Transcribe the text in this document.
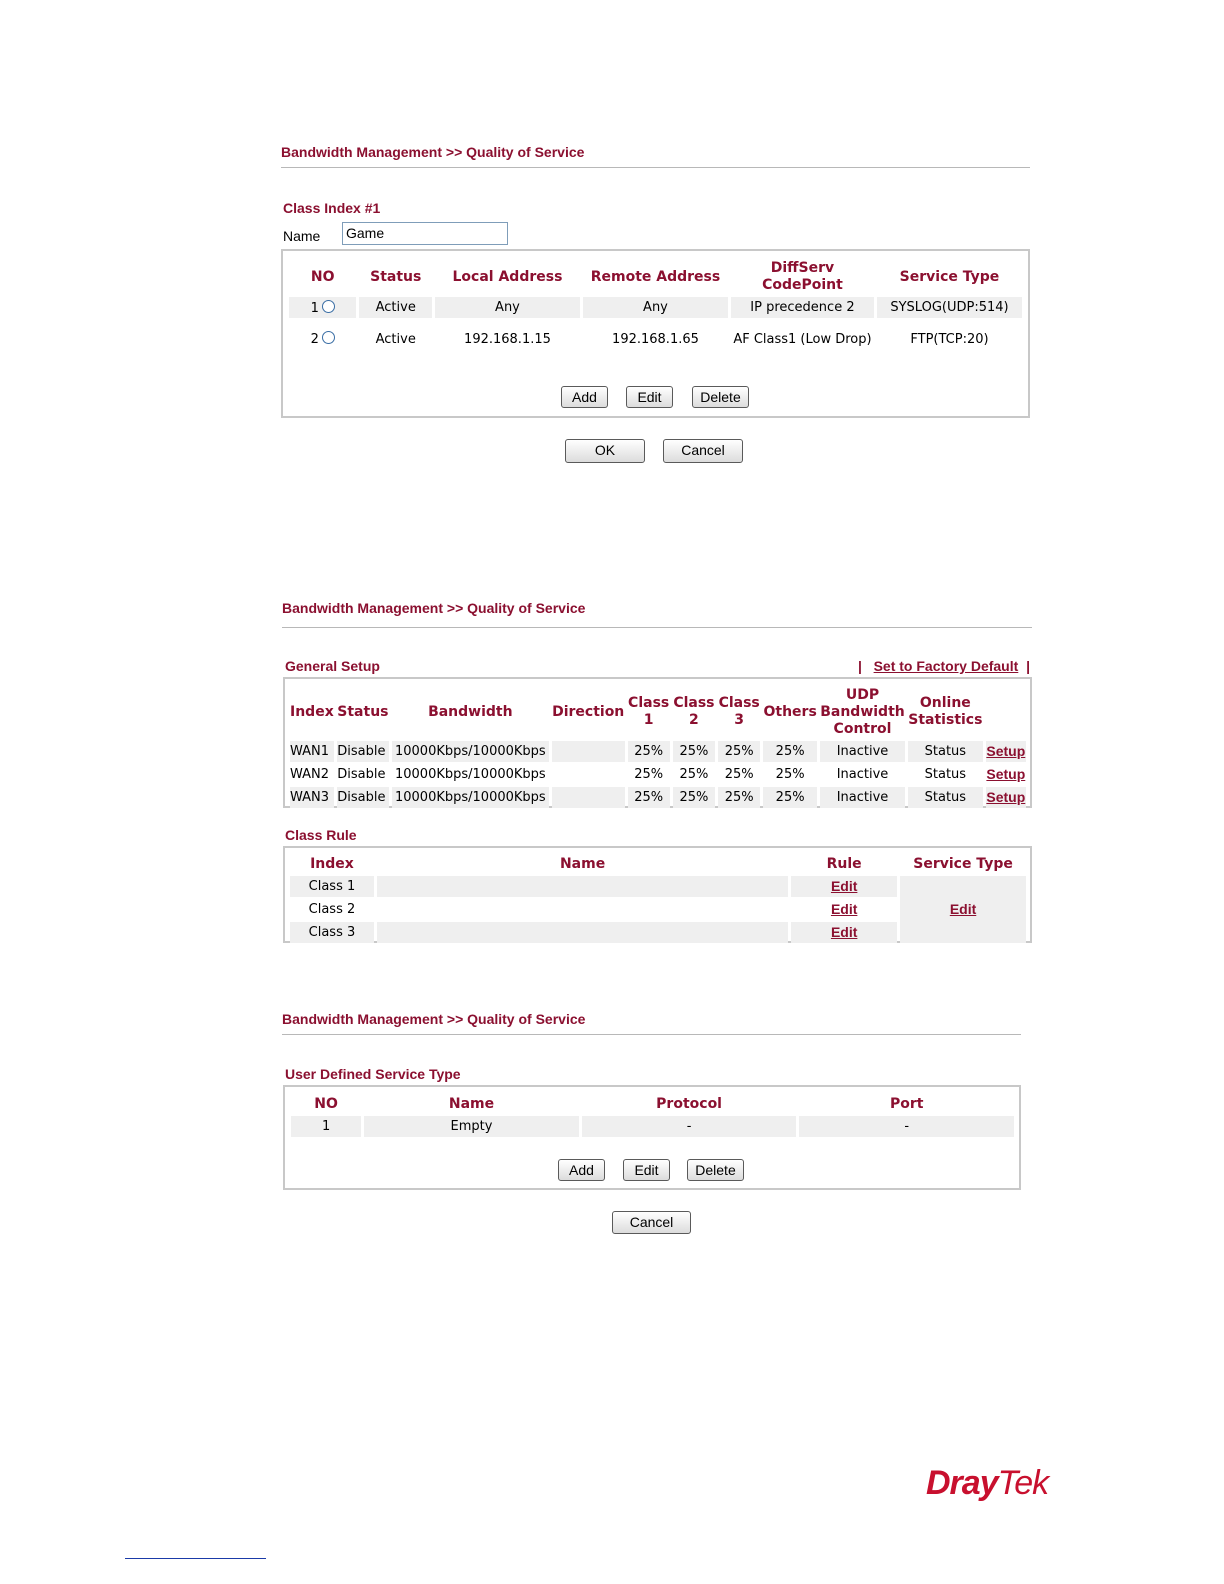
Bandwidth Management >> Quality of Service
Class Index #1
Name Game
NO	Status	Local Address	Remote Address	DiffServ CodePoint	Service Type
1	Active	Any	Any	IP precedence 2	SYSLOG(UDP:514)
2	Active	192.168.1.15	192.168.1.65	AF Class1 (Low Drop)	FTP(TCP:20)
Add	Edit	Delete
OK	Cancel
Bandwidth Management >> Quality of Service
General Setup	| Set to Factory Default |
Index	Status	Bandwidth	Direction	Class 1	Class 2	Class 3	Others	UDP Bandwidth Control	Online Statistics	
WAN1	Disable	10000Kbps/10000Kbps		25%	25%	25%	25%	Inactive	Status	Setup
WAN2	Disable	10000Kbps/10000Kbps		25%	25%	25%	25%	Inactive	Status	Setup
WAN3	Disable	10000Kbps/10000Kbps		25%	25%	25%	25%	Inactive	Status	Setup
Class Rule
Index	Name	Rule	Service Type
Class 1		Edit	Edit
Class 2		Edit	
Class 3		Edit	
Bandwidth Management >> Quality of Service
User Defined Service Type
NO	Name	Protocol	Port
1	Empty	-	-
Add	Edit	Delete
Cancel
DrayTek
